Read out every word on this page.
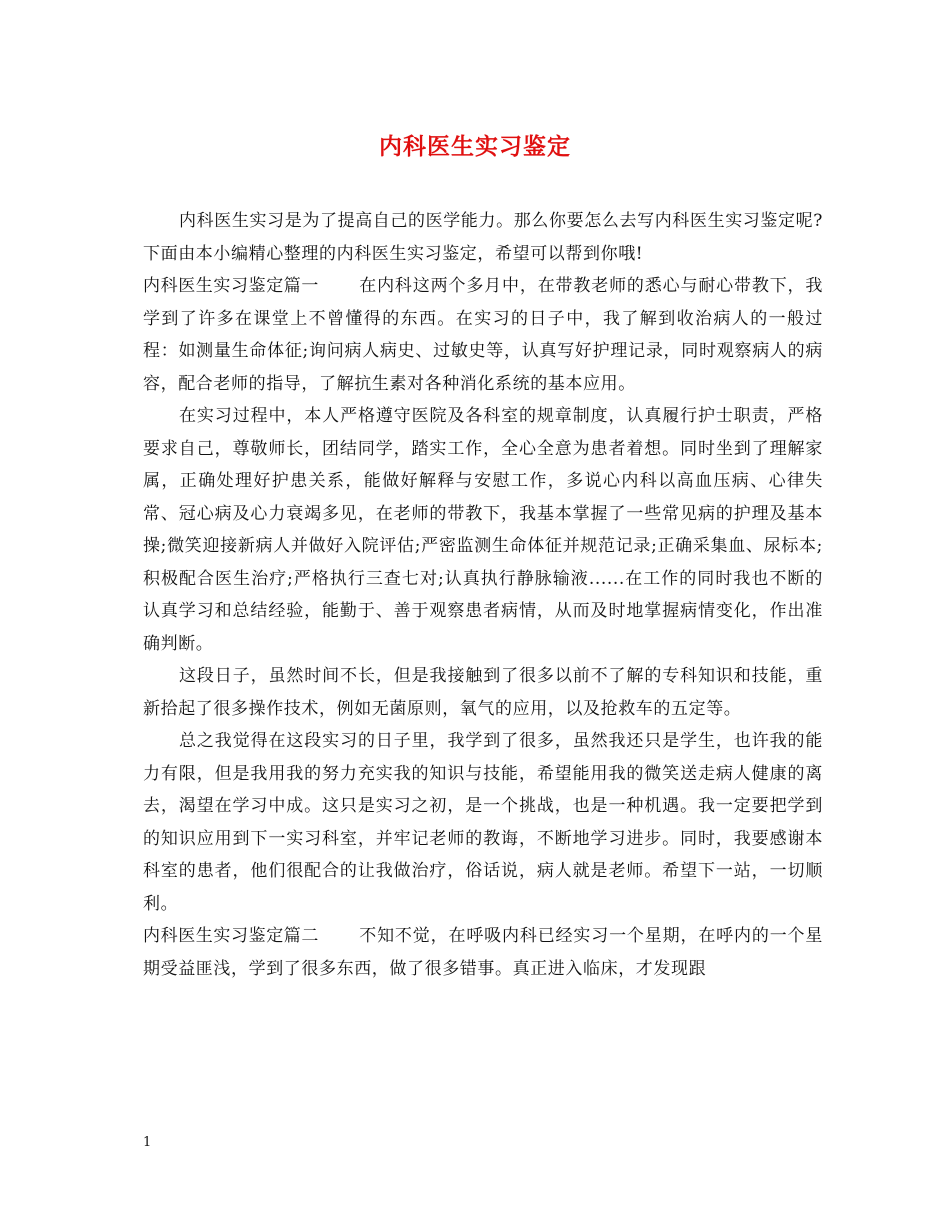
内科医生实习鉴定

内科医生实习是为了提高自己的医学能力。那么你要怎么去写内科医生实习鉴定呢?下面由本小编精心整理的内科医生实习鉴定，希望可以帮到你哦!

内科医生实习鉴定篇一 在内科这两个多月中，在带教老师的悉心与耐心带教下，我学到了许多在课堂上不曾懂得的东西。在实习的日子中，我了解到收治病人的一般过程：如测量生命体征;询问病人病史、过敏史等，认真写好护理记录，同时观察病人的病容，配合老师的指导，了解抗生素对各种消化系统的基本应用。

在实习过程中，本人严格遵守医院及各科室的规章制度，认真履行护士职责，严格要求自己，尊敬师长，团结同学，踏实工作，全心全意为患者着想。同时坐到了理解家属，正确处理好护患关系，能做好解释与安慰工作，多说心内科以高血压病、心律失常、冠心病及心力衰竭多见，在老师的带教下，我基本掌握了一些常见病的护理及基本操;微笑迎接新病人并做好入院评估;严密监测生命体征并规范记录;正确采集血、尿标本;积极配合医生治疗;严格执行三查七对;认真执行静脉输液......在工作的同时我也不断的认真学习和总结经验，能勤于、善于观察患者病情，从而及时地掌握病情变化，作出准确判断。

这段日子，虽然时间不长，但是我接触到了很多以前不了解的专科知识和技能，重新拾起了很多操作技术，例如无菌原则，氧气的应用，以及抢救车的五定等。

总之我觉得在这段实习的日子里，我学到了很多，虽然我还只是学生，也许我的能力有限，但是我用我的努力充实我的知识与技能，希望能用我的微笑送走病人健康的离去，渴望在学习中成。这只是实习之初，是一个挑战，也是一种机遇。我一定要把学到的知识应用到下一实习科室，并牢记老师的教诲，不断地学习进步。同时，我要感谢本科室的患者，他们很配合的让我做治疗，俗话说，病人就是老师。希望下一站，一切顺利。

内科医生实习鉴定篇二 不知不觉，在呼吸内科已经实习一个星期，在呼内的一个星期受益匪浅，学到了很多东西，做了很多错事。真正进入临床，才发现跟

1
